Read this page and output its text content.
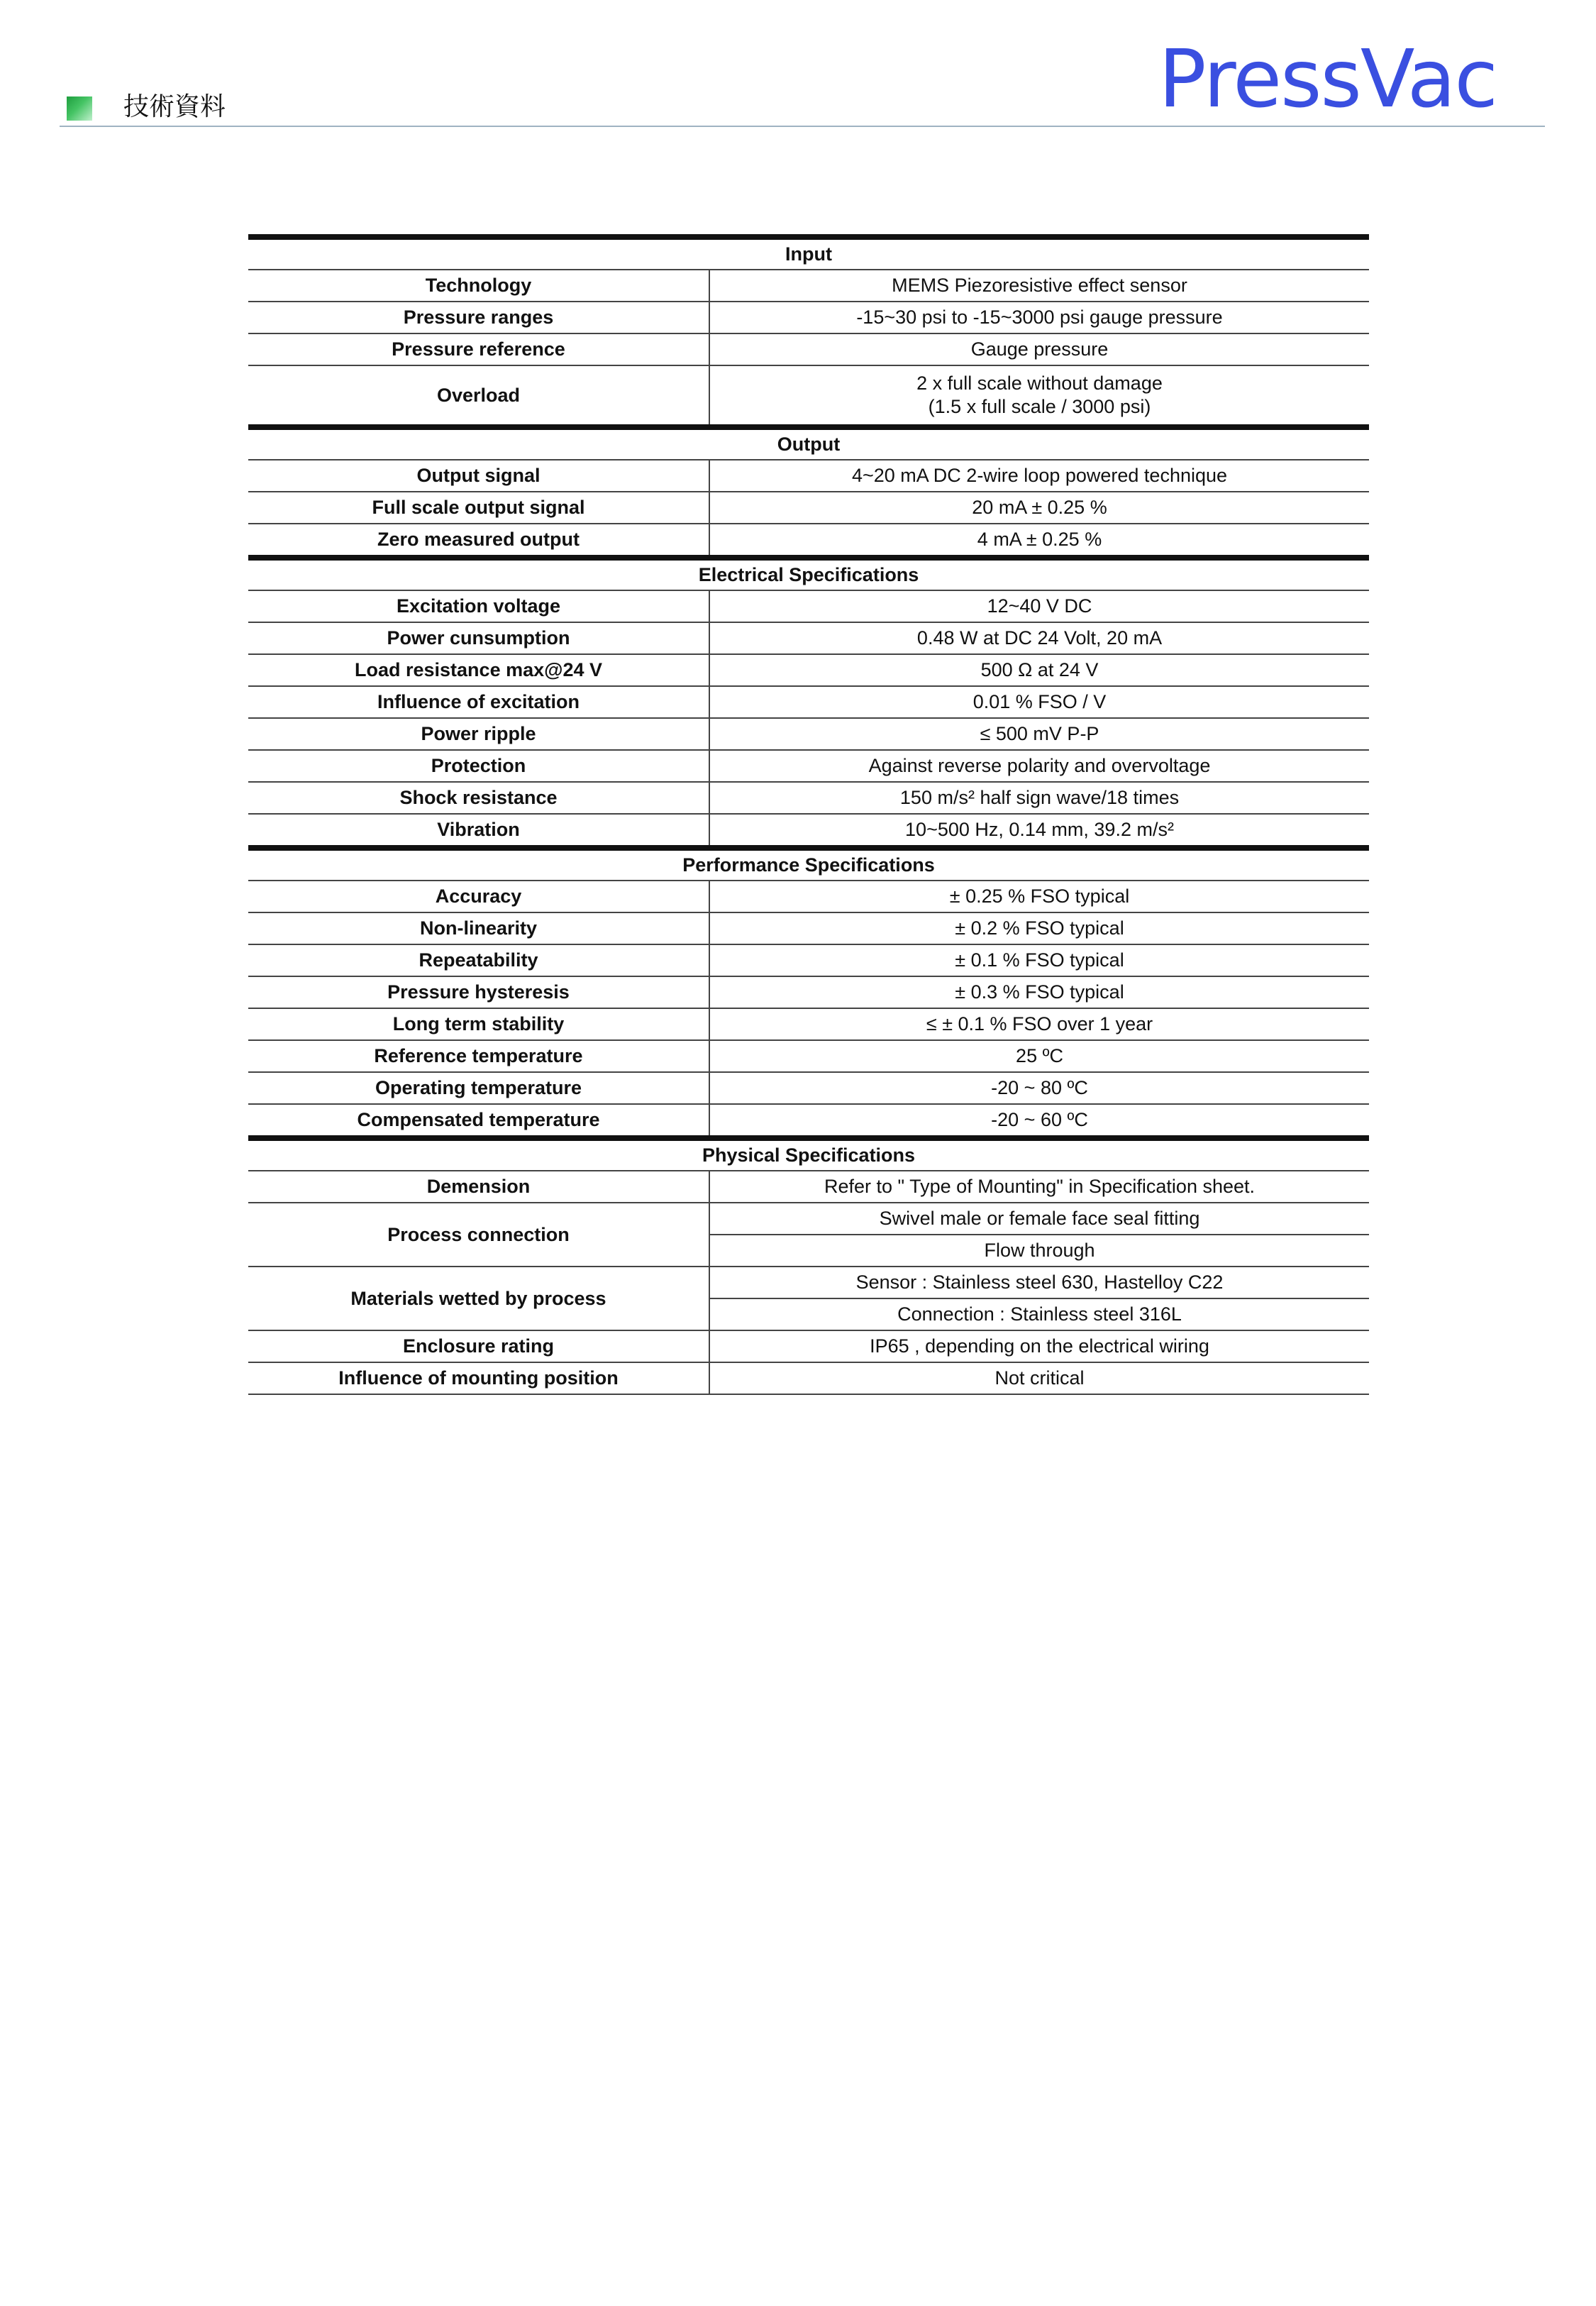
技術資料	PressVac
Input	
Technology	MEMS Piezoresistive effect sensor
Pressure ranges	-15~30 psi to -15~3000 psi gauge pressure
Pressure reference	Gauge pressure
Overload	2 x full scale without damage
(1.5 x full scale / 3000 psi)
Output	
Output signal	4~20 mA DC 2-wire loop powered technique
Full scale output signal	20 mA ± 0.25 %
Zero measured output	4 mA ± 0.25 %
Electrical Specifications	
Excitation voltage	12~40 V DC
Power cunsumption	0.48 W at DC 24 Volt, 20 mA
Load resistance max@24 V	500 Ω at 24 V
Influence of excitation	0.01 % FSO / V
Power ripple	≤ 500 mV P-P
Protection	Against reverse polarity and overvoltage
Shock resistance	150 m/s² half sign wave/18 times
Vibration	10~500 Hz, 0.14 mm, 39.2 m/s²
Performance Specifications	
Accuracy	± 0.25 % FSO typical
Non-linearity	± 0.2 % FSO typical
Repeatability	± 0.1 % FSO typical
Pressure hysteresis	± 0.3 % FSO typical
Long term stability	≤ ± 0.1 % FSO over 1 year
Reference temperature	25 ºC
Operating temperature	-20 ~ 80 ºC
Compensated temperature	-20 ~ 60 ºC
Physical Specifications	
Demension	Refer to " Type of Mounting" in Specification sheet.
Process connection	Swivel male or female face seal fitting
	Flow through
Materials wetted by process	Sensor : Stainless steel 630, Hastelloy C22
	Connection : Stainless steel 316L
Enclosure rating	IP65 , depending on the electrical wiring
Influence of mounting position	Not critical
